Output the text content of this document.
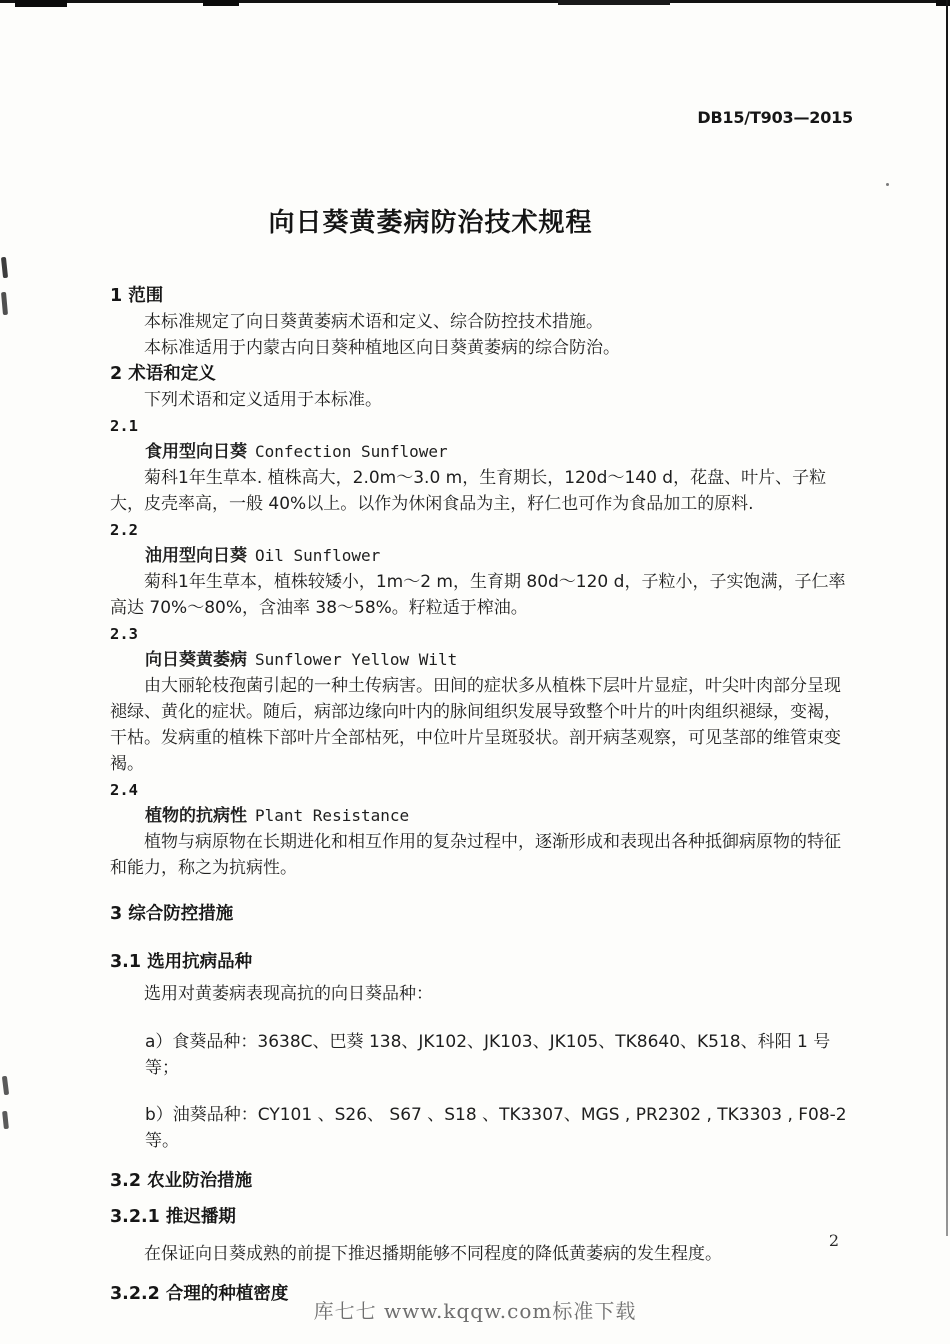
DB15/T903—2015
向日葵黄萎病防治技术规程
1 范围

本标准规定了向日葵黄萎病术语和定义、综合防控技术措施。

本标准适用于内蒙古向日葵种植地区向日葵黄萎病的综合防治。

2 术语和定义

下列术语和定义适用于本标准。

2.1

食用型向日葵 Confection Sunflower

菊科1年生草本. 植株高大，2.0m～3.0 m，生育期长，120d～140 d，花盘、叶片、子粒大，皮壳率高，一般 40%以上。以作为休闲食品为主，籽仁也可作为食品加工的原料.

2.2

油用型向日葵 Oil Sunflower

菊科1年生草本，植株较矮小，1m～2 m，生育期 80d～120 d，子粒小，子实饱满，子仁率高达 70%～80%，含油率 38～58%。籽粒适于榨油。

2.3

向日葵黄萎病 Sunflower Yellow Wilt

由大丽轮枝孢菌引起的一种土传病害。田间的症状多从植株下层叶片显症，叶尖叶肉部分呈现褪绿、黄化的症状。随后，病部边缘向叶内的脉间组织发展导致整个叶片的叶肉组织褪绿，变褐，干枯。发病重的植株下部叶片全部枯死，中位叶片呈斑驳状。剖开病茎观察，可见茎部的维管束变褐。

2.4

植物的抗病性 Plant Resistance

植物与病原物在长期进化和相互作用的复杂过程中，逐渐形成和表现出各种抵御病原物的特征和能力，称之为抗病性。

3 综合防控措施
3.1 选用抗病品种

选用对黄萎病表现高抗的向日葵品种：

a）食葵品种：3638C、巴葵 138、JK102、JK103、JK105、TK8640、K518、科阳 1 号等；

b）油葵品种：CY101 、S26、 S67 、S18 、TK3307、MGS , PR2302 , TK3303 , F08-2 等。

3.2 农业防治措施
3.2.1 推迟播期

在保证向日葵成熟的前提下推迟播期能够不同程度的降低黄萎病的发生程度。

3.2.2 合理的种植密度
2
库七七 www.kqqw.com标准下载
